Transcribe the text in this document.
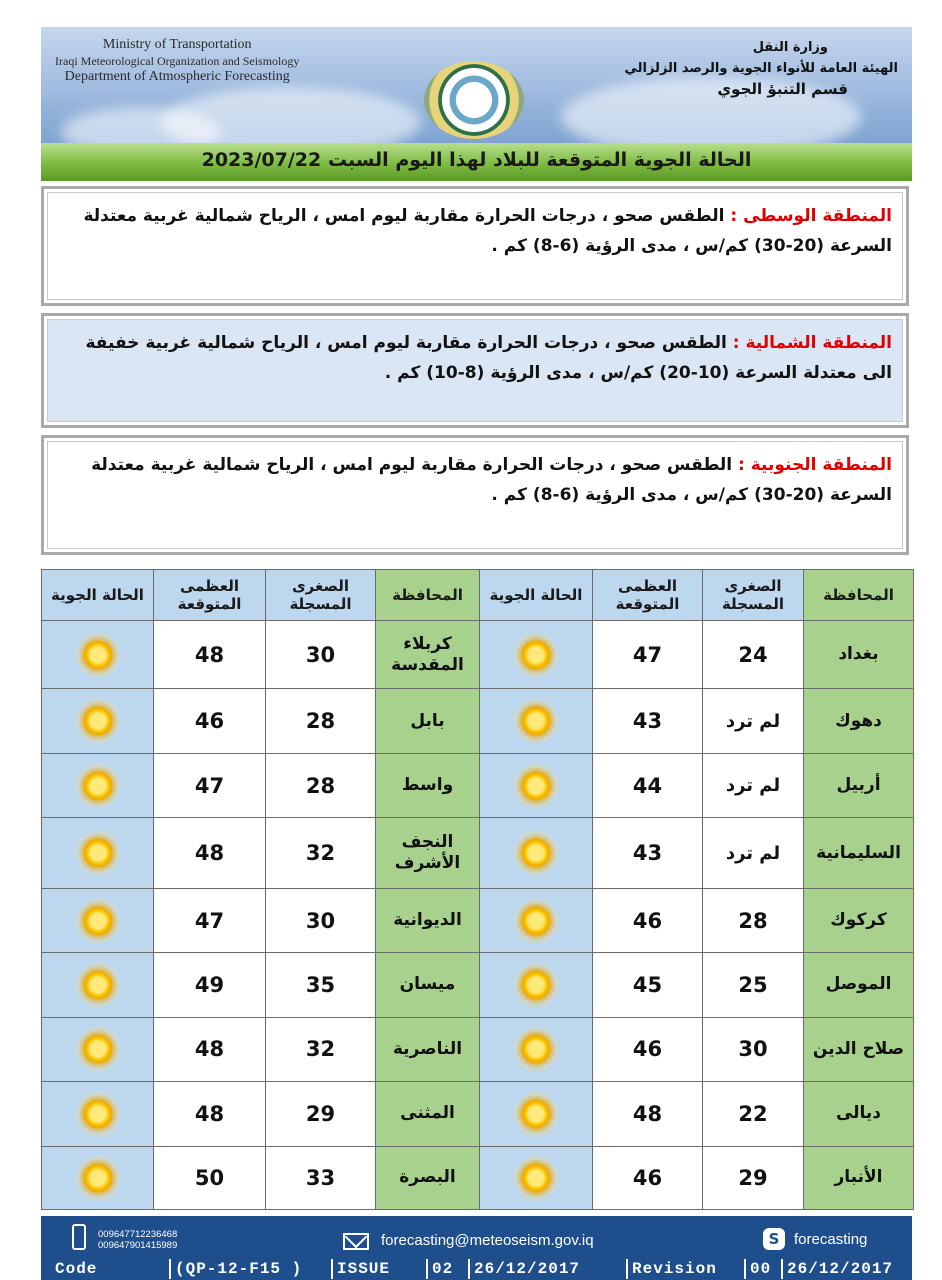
Ministry of Transportation
Iraqi Meteorological Organization and Seismology
Department of Atmospheric Forecasting
وزارة النقل
الهيئة العامة للأنواء الجوية والرصد الزلزالي
قسم التنبؤ الجوي
الحالة الجوية المتوقعة للبلاد لهذا اليوم السبت 2023/07/22

المنطقة الوسطى : الطقس صحو ، درجات الحرارة مقاربة ليوم امس ، الرياح شمالية غربية معتدلة السرعة (20-30) كم/س ، مدى الرؤية (6-8) كم .

المنطقة الشمالية : الطقس صحو ، درجات الحرارة مقاربة ليوم امس ، الرياح شمالية غربية خفيفة الى معتدلة السرعة (10-20) كم/س ، مدى الرؤية (8-10) كم .

المنطقة الجنوبية : الطقس صحو ، درجات الحرارة مقاربة ليوم امس ، الرياح شمالية غربية معتدلة السرعة (20-30) كم/س ، مدى الرؤية (6-8) كم .

المحافظة	الصغرى المسجلة	العظمى المتوقعة	الحالة الجوية	المحافظة	الصغرى المسجلة	العظمى المتوقعة	الحالة الجوية
بغداد	24	47		كربلاء المقدسة	30	48	
دهوك	لم ترد	43		بابل	28	46	
أربيل	لم ترد	44		واسط	28	47	
السليمانية	لم ترد	43		النجف الأشرف	32	48	
كركوك	28	46		الديوانية	30	47	
الموصل	25	45		ميسان	35	49	
صلاح الدين	30	46		الناصرية	32	48	
ديالى	22	48		المثنى	29	48	
الأنبار	29	46		البصرة	33	50	
009647712236468
009647901415989	forecasting@meteoseism.gov.iq	S forecasting
Code	(QP-12-F15 )	ISSUE	02	26/12/2017	Revision	00 26/12/2017
